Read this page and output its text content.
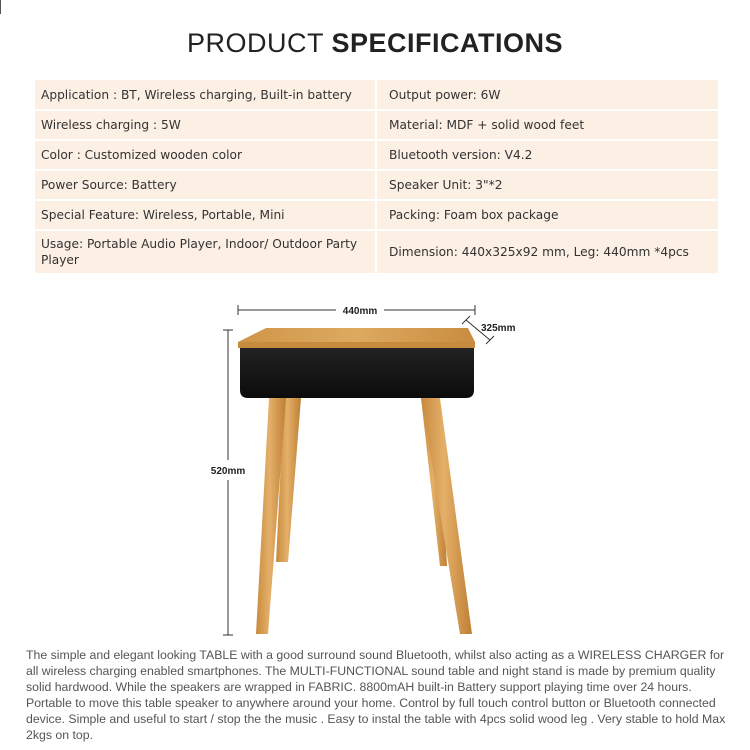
PRODUCT SPECIFICATIONS
Application : BT, Wireless charging, Built-in battery	Output power: 6W
Wireless charging : 5W	Material: MDF + solid wood feet
Color : Customized wooden color	Bluetooth version: V4.2
Power Source: Battery	Speaker Unit: 3"*2
Special Feature: Wireless, Portable, Mini	Packing: Foam box package
Usage: Portable Audio Player, Indoor/ Outdoor Party Player	Dimension: 440x325x92 mm, Leg: 440mm *4pcs
440mm
325mm
520mm

The simple and elegant looking TABLE with a good surround sound Bluetooth, whilst also acting as a WIRELESS CHARGER for all wireless charging enabled smartphones. The MULTI-FUNCTIONAL sound table and night stand is made by premium quality solid hardwood. While the speakers are wrapped in FABRIC. 8800mAH built-in Battery support playing time over 24 hours. Portable to move this table speaker to anywhere around your home. Control by full touch control button or Bluetooth connected device. Simple and useful to start / stop the the music . Easy to instal the table with 4pcs solid wood leg . Very stable to hold Max 2kgs on top.
